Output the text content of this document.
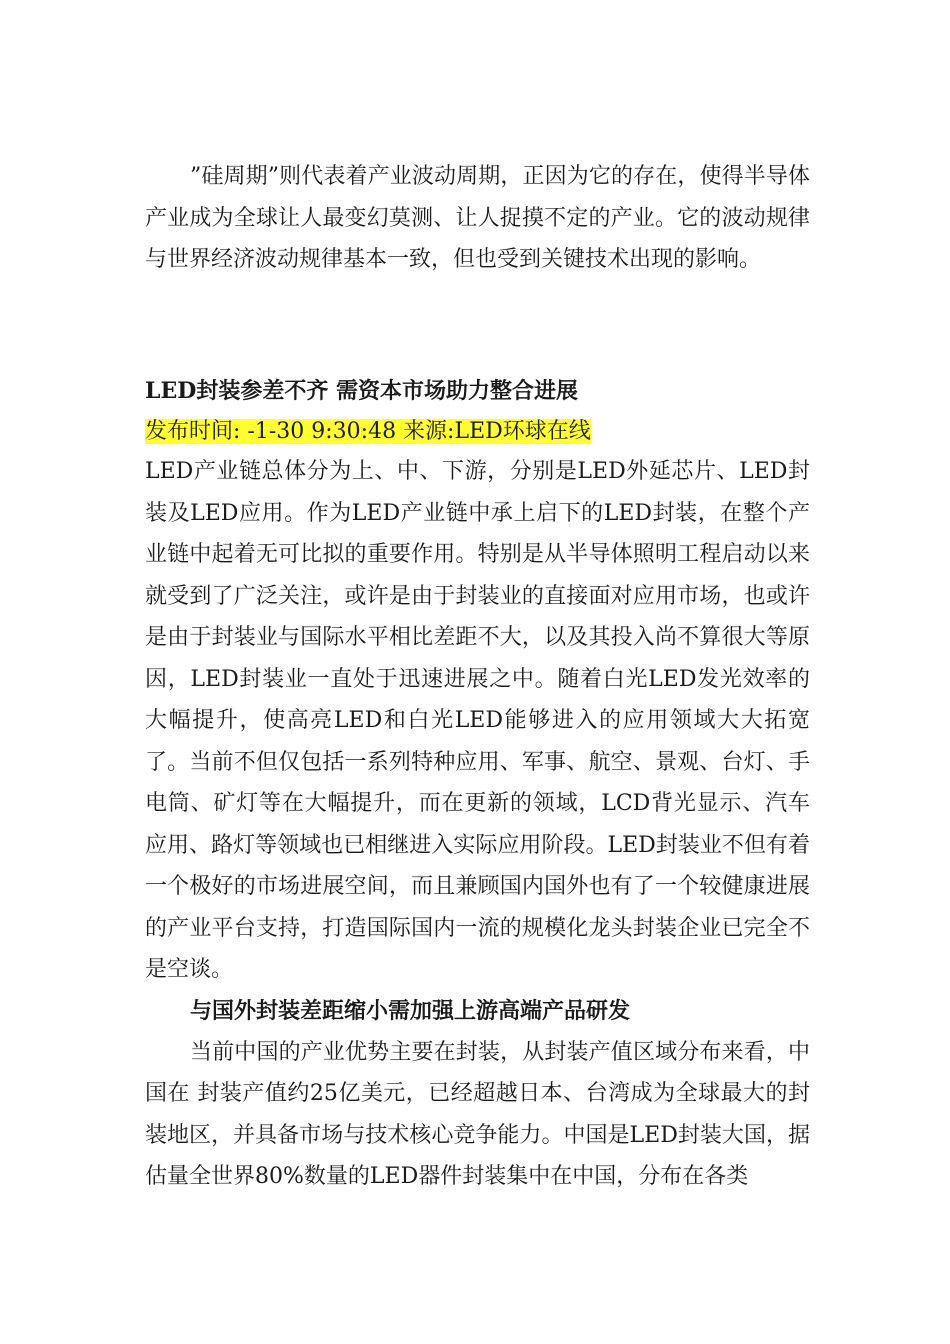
”硅周期”则代表着产业波动周期，正因为它的存在，使得半导体产业成为全球让人最变幻莫测、让人捉摸不定的产业。它的波动规律与世界经济波动规律基本一致，但也受到关键技术出现的影响。

LED封装参差不齐 需资本市场助力整合进展

发布时间: -1-30 9:30:48 来源:LED环球在线

LED产业链总体分为上、中、下游，分别是LED外延芯片、LED封装及LED应用。作为LED产业链中承上启下的LED封装，在整个产业链中起着无可比拟的重要作用。特别是从半导体照明工程启动以来就受到了广泛关注，或许是由于封装业的直接面对应用市场，也或许是由于封装业与国际水平相比差距不大，以及其投入尚不算很大等原因，LED封装业一直处于迅速进展之中。随着白光LED发光效率的大幅提升，使高亮LED和白光LED能够进入的应用领域大大拓宽了。当前不但仅包括一系列特种应用、军事、航空、景观、台灯、手电筒、矿灯等在大幅提升，而在更新的领域，LCD背光显示、汽车应用、路灯等领域也已相继进入实际应用阶段。LED封装业不但有着一个极好的市场进展空间，而且兼顾国内国外也有了一个较健康进展的产业平台支持，打造国际国内一流的规模化龙头封装企业已完全不是空谈。

与国外封装差距缩小需加强上游高端产品研发

当前中国的产业优势主要在封装，从封装产值区域分布来看，中国在 封装产值约25亿美元，已经超越日本、台湾成为全球最大的封装地区，并具备市场与技术核心竞争能力。中国是LED封装大国，据估量全世界80%数量的LED器件封装集中在中国，分布在各类
